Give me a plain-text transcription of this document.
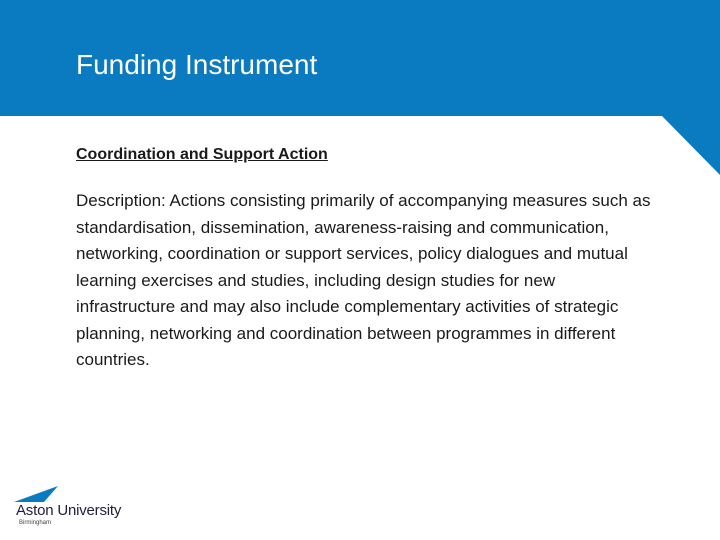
Funding Instrument

Coordination and Support Action

Description: Actions consisting primarily of accompanying measures such as standardisation, dissemination, awareness-raising and communication, networking, coordination or support services, policy dialogues and mutual learning exercises and studies, including design studies for new infrastructure and may also include complementary activities of strategic planning, networking and coordination between programmes in different countries.

Aston University
Birmingham
